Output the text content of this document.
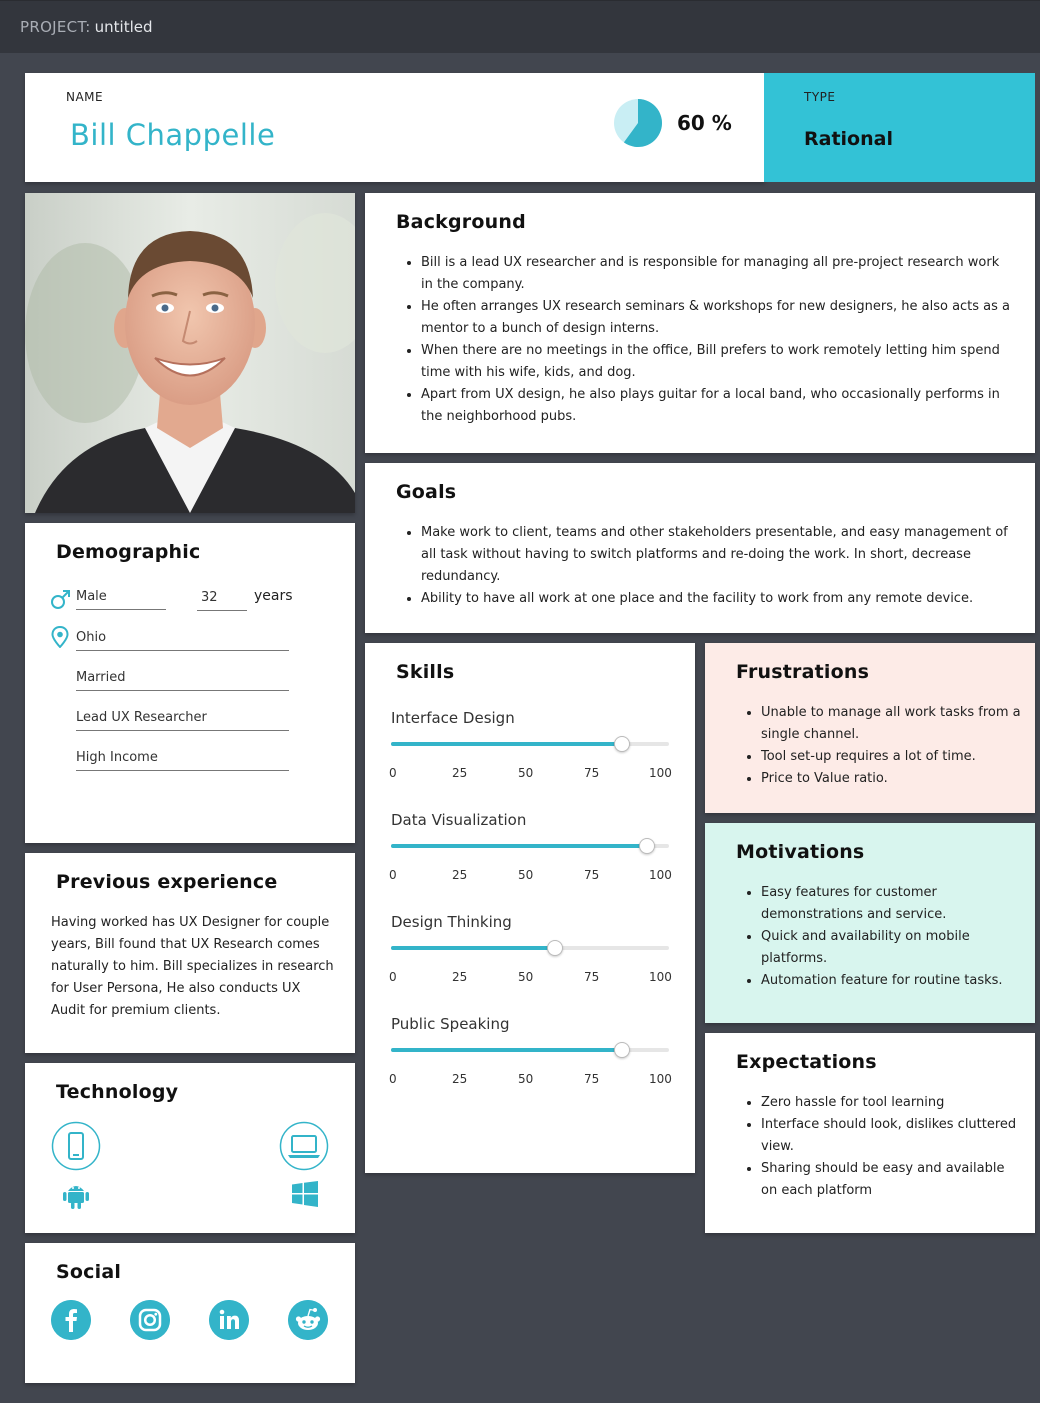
PROJECT: untitled
NAME
Bill Chappelle	60 %
TYPE
Rational
Demographic
Male	32	years
Ohio
Married
Lead UX Researcher
High Income
Previous experience
Having worked has UX Designer for couple years, Bill found that UX Research comes naturally to him. Bill specializes in research for User Persona, He also conducts UX Audit for premium clients.
Technology
Social
Background
• Bill is a lead UX researcher and is responsible for managing all pre-project research work in the company.
• He often arranges UX research seminars & workshops for new designers, he also acts as a mentor to a bunch of design interns.
• When there are no meetings in the office, Bill prefers to work remotely letting him spend time with his wife, kids, and dog.
• Apart from UX design, he also plays guitar for a local band, who occasionally performs in the neighborhood pubs.
Goals
• Make work to client, teams and other stakeholders presentable, and easy management of all task without having to switch platforms and re-doing the work. In short, decrease redundancy.
• Ability to have all work at one place and the facility to work from any remote device.
Skills
Interface Design
0	25	50	75	100
Data Visualization
0	25	50	75	100
Design Thinking
0	25	50	75	100
Public Speaking
0	25	50	75	100
Frustrations
• Unable to manage all work tasks from a single channel.
• Tool set-up requires a lot of time.
• Price to Value ratio.
Motivations
• Easy features for customer demonstrations and service.
• Quick and availability on mobile platforms.
• Automation feature for routine tasks.
Expectations
• Zero hassle for tool learning
• Interface should look, dislikes cluttered view.
• Sharing should be easy and available on each platform
